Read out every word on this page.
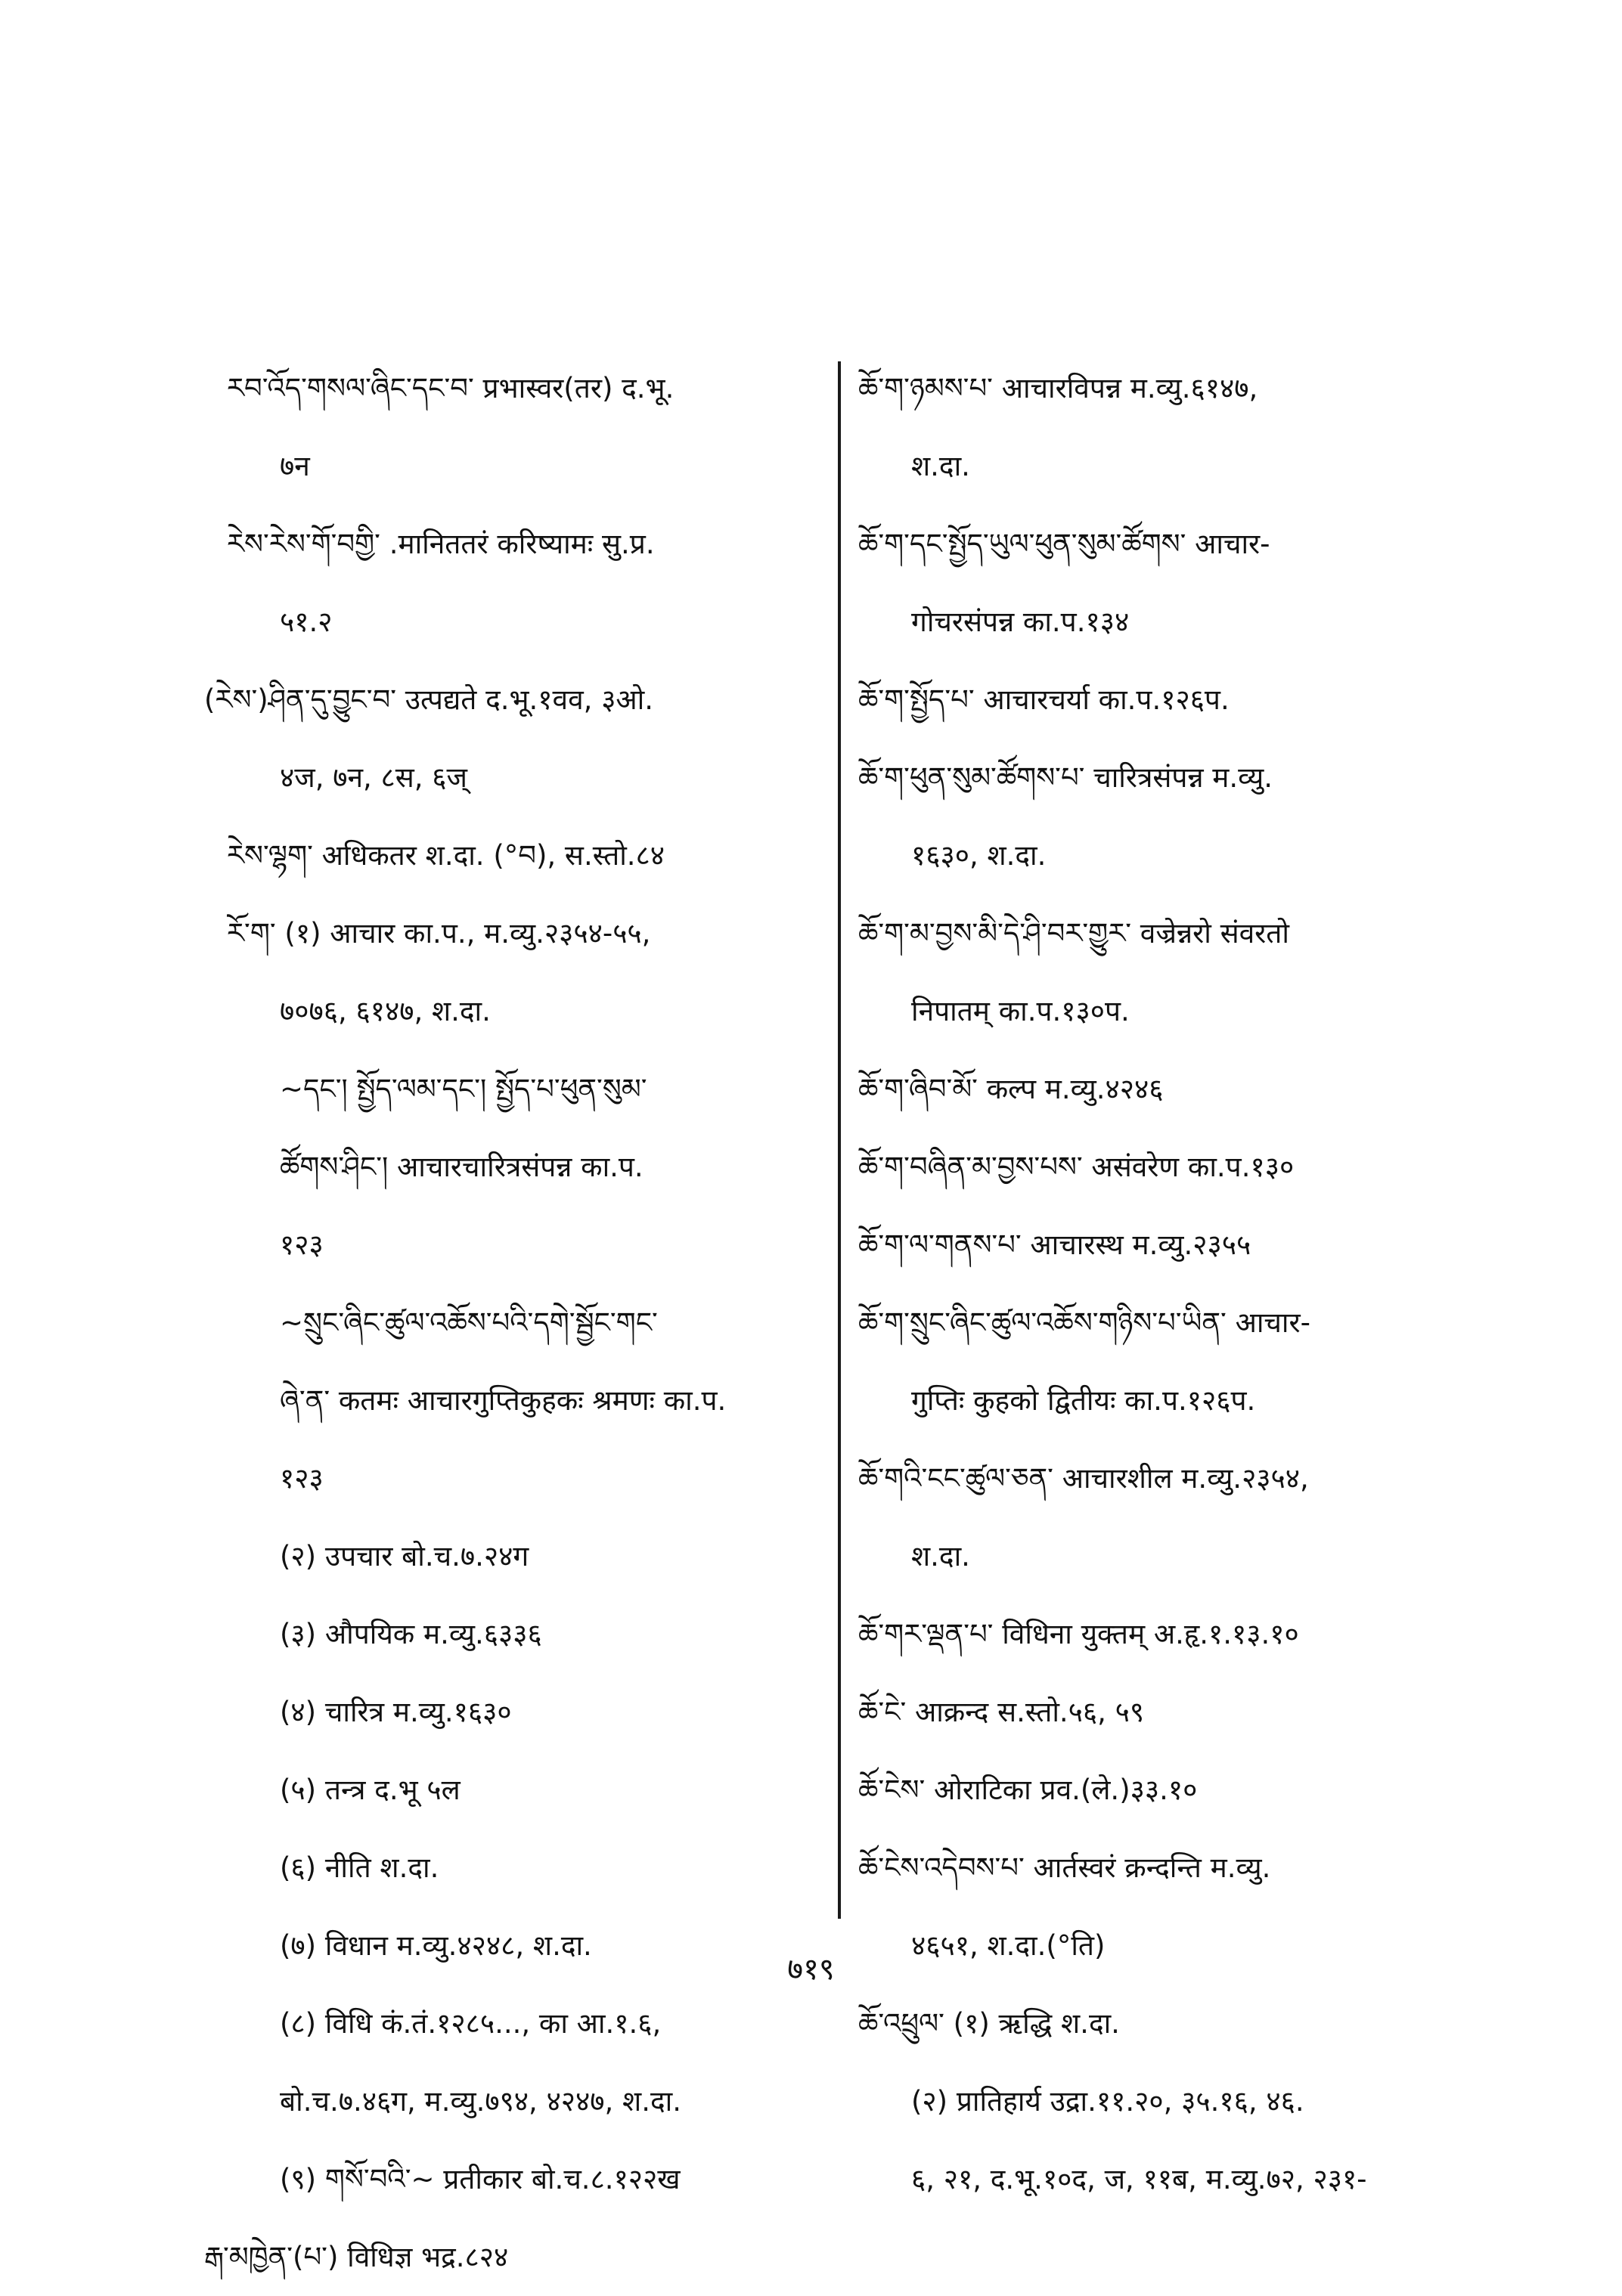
རབ་འོད་གསལ་ཞིང་དང་བ་ प्रभास्वर(तर) द.भू.
७न
རེས་རེས་གོ་བགྱི་ .मानिततरं करिष्यामः सु.प्र.
५१.२
(རེས་)ཤིན་དུ་བྱུང་བ་ उत्पद्यते द.भू.१वव, ३ओ.
४ज, ७न, ८स, ६ज्
རེས་ལྷག་ अधिकतर श.दा. (°བ), स.स्तो.८४
རོ་ག་ (१) आचार का.प., म.व्यु.२३५४-५५,
७०७६, ६१४७, श.दा.
~དང་། སྤྱོད་ལམ་དང་། སྤྱོད་པ་ཕུན་སུམ་
ཚོགས་ཤིང་། आचारचारित्रसंपन्न का.प.
१२३
~སྲུང་ཞིང་ཚུལ་འཆོས་པའི་དགེ་སྦྱོང་གང་
ཞེ་ན་ कतमः आचारगुप्तिकुहकः श्रमणः का.प.
१२३
(२) उपचार बो.च.७.२४ग
(३) औपयिक म.व्यु.६३३६
(४) चारित्र म.व्यु.१६३०
(५) तन्त्र द.भू ५ल
(६) नीति श.दा.
(७) विधान म.व्यु.४२४८, श.दा.
(८) विधि कं.तं.१२८५..., का आ.१.६,
बो.च.७.४६ग, म.व्यु.७९४, ४२४७, श.दा.
(९) གསོ་བའི་~ प्रतीकार बो.च.८.१२२ख
རྒ་མཁྱེན་(པ་) विधिज्ञ भद्र.८२४
ཆོ་ག་ཉམས་པ་ आचारविपन्न म.व्यु.६१४७,
श.दा.
ཆོ་ག་དང་སྤྱོད་ཡུལ་ཕུན་སུམ་ཚོགས་ आचार-
गोचरसंपन्न का.प.१३४
ཆོ་ག་སྤྱོད་པ་ आचारचर्या का.प.१२६प.
ཆོ་ག་ཕུན་སུམ་ཚོགས་པ་ चारित्रसंपन्न म.व्यु.
१६३०, श.दा.
ཆོ་ག་མ་བྱས་མི་དེ་ཤི་བར་གྱུར་ वज्रेन्नरो संवरतो
निपातम् का.प.१३०प.
ཆོ་ག་ཞིབ་མོ་ कल्प म.व्यु.४२४६
ཆོ་ག་བཞིན་མ་བྱས་པས་ असंवरेण का.प.१३०
ཆོ་ག་ལ་གནས་པ་ आचारस्थ म.व्यु.२३५५
ཆོ་ག་སྲུང་ཞིང་ཚུལ་འཆོས་གཉིས་པ་ཡིན་ आचार-
गुप्तिः कुहको द्वितीयः का.प.१२६प.
ཆོ་གའི་ངང་ཚུལ་ཅན་ आचारशील म.व्यु.२३५४,
श.दा.
ཆོ་གར་ལྡན་པ་ विधिना युक्तम् अ.हृ.१.१३.१०
ཆོ་ངེ་ आक्रन्द स.स्तो.५६, ५९
ཆོ་ངེས་ ओराटिका प्रव.(ले.)३३.१०
ཆོ་ངེས་འདེབས་པ་ आर्तस्वरं क्रन्दन्ति म.व्यु.
४६५१, श.दा.(°ति)
ཆོ་འཕྲུལ་ (१) ऋद्धि श.दा.
(२) प्रातिहार्य उद्रा.११.२०, ३५.१६, ४६.
६, २१, द.भू.१०द, ज, ११ब, म.व्यु.७२, २३१-
७१९
